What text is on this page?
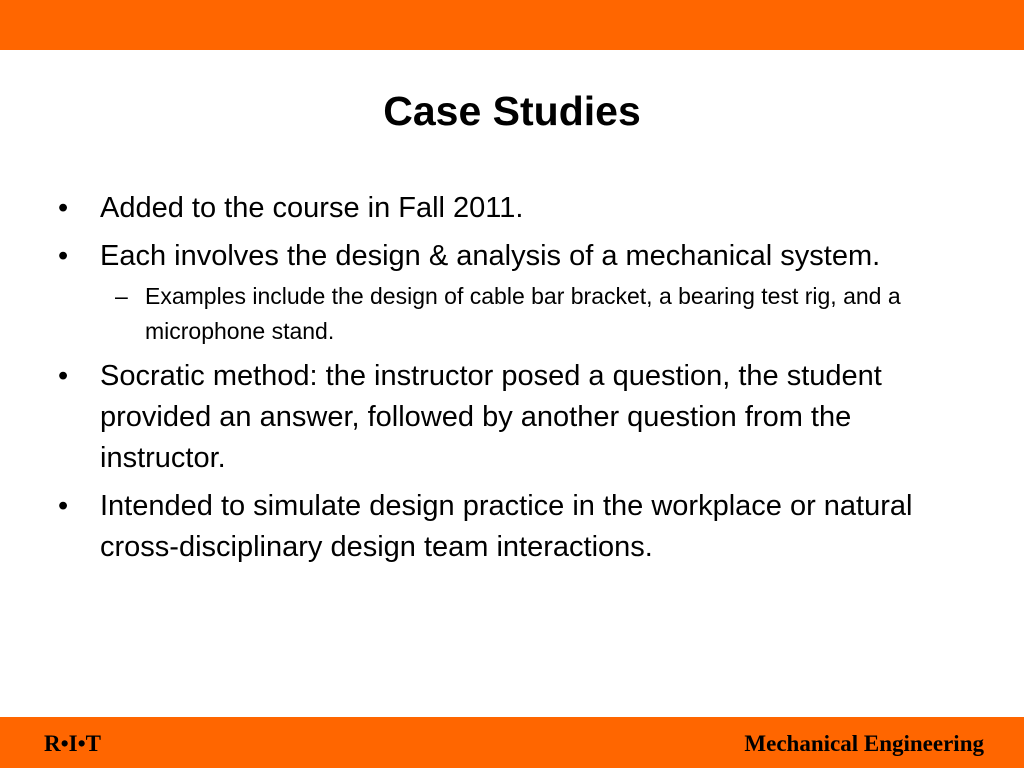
Case Studies
•	Added to the course in Fall 2011.
•	Each involves the design & analysis of a mechanical system.
– Examples include the design of cable bar bracket, a bearing test rig, and a microphone stand.
•	Socratic method: the instructor posed a question, the student provided an answer, followed by another question from the instructor.
•	Intended to simulate design practice in the workplace or natural cross-disciplinary design team interactions.
R•I•T	Mechanical Engineering
